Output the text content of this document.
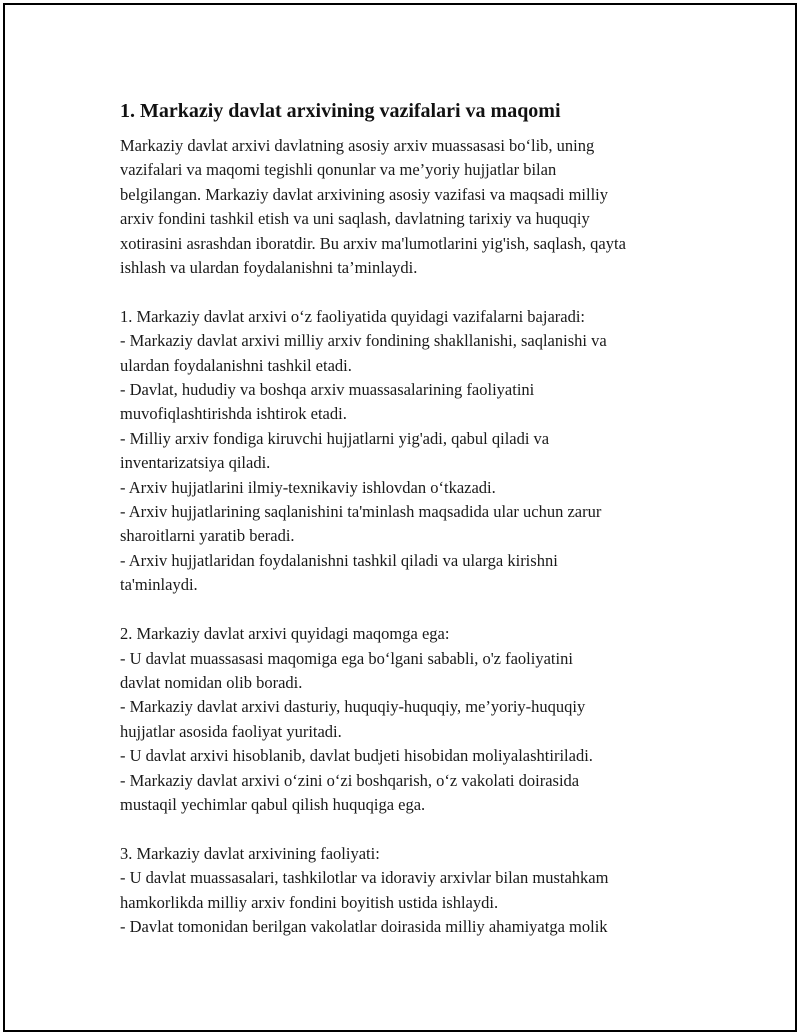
1. Markaziy davlat arxivining vazifalari va maqomi

Markaziy davlat arxivi davlatning asosiy arxiv muassasasi bo‘lib, uning
vazifalari va maqomi tegishli qonunlar va me’yoriy hujjatlar bilan
belgilangan. Markaziy davlat arxivining asosiy vazifasi va maqsadi milliy
arxiv fondini tashkil etish va uni saqlash, davlatning tarixiy va huquqiy
xotirasini asrashdan iboratdir. Bu arxiv ma'lumotlarini yig'ish, saqlash, qayta
ishlash va ulardan foydalanishni ta’minlaydi.

1. Markaziy davlat arxivi o‘z faoliyatida quyidagi vazifalarni bajaradi:
- Markaziy davlat arxivi milliy arxiv fondining shakllanishi, saqlanishi va
ulardan foydalanishni tashkil etadi.
- Davlat, hududiy va boshqa arxiv muassasalarining faoliyatini
muvofiqlashtirishda ishtirok etadi.
- Milliy arxiv fondiga kiruvchi hujjatlarni yig'adi, qabul qiladi va
inventarizatsiya qiladi.
- Arxiv hujjatlarini ilmiy-texnikaviy ishlovdan o‘tkazadi.
- Arxiv hujjatlarining saqlanishini ta'minlash maqsadida ular uchun zarur
sharoitlarni yaratib beradi.
- Arxiv hujjatlaridan foydalanishni tashkil qiladi va ularga kirishni
ta'minlaydi.

2. Markaziy davlat arxivi quyidagi maqomga ega:
- U davlat muassasasi maqomiga ega bo‘lgani sababli, o'z faoliyatini
davlat nomidan olib boradi.
- Markaziy davlat arxivi dasturiy, huquqiy-huquqiy, me’yoriy-huquqiy
hujjatlar asosida faoliyat yuritadi.
- U davlat arxivi hisoblanib, davlat budjeti hisobidan moliyalashtiriladi.
- Markaziy davlat arxivi o‘zini o‘zi boshqarish, o‘z vakolati doirasida
mustaqil yechimlar qabul qilish huquqiga ega.

3. Markaziy davlat arxivining faoliyati:
- U davlat muassasalari, tashkilotlar va idoraviy arxivlar bilan mustahkam
hamkorlikda milliy arxiv fondini boyitish ustida ishlaydi.
- Davlat tomonidan berilgan vakolatlar doirasida milliy ahamiyatga molik
